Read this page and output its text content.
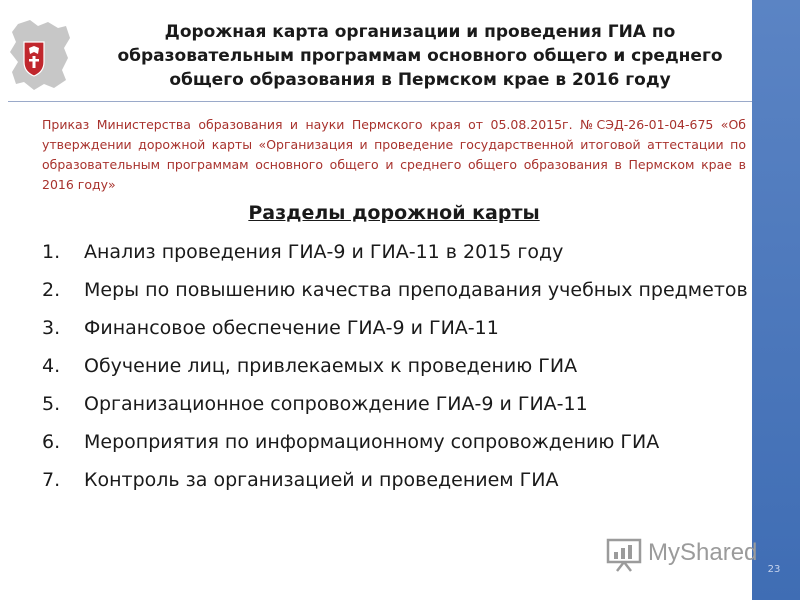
Дорожная карта организации и проведения ГИА по
образовательным программам основного общего и среднего
общего образования в Пермском крае в 2016 году
Приказ Министерства образования и науки Пермского края от 05.08.2015г. №СЭД-26-01-04-675 «Об утверждении дорожной карты «Организация и проведение государственной итоговой аттестации по образовательным программам основного общего и среднего общего образования в Пермском крае в 2016 году»
Разделы дорожной карты
1.	Анализ проведения ГИА-9 и ГИА-11 в 2015 году
2.	Меры по повышению качества преподавания учебных предметов
3.	Финансовое обеспечение ГИА-9 и ГИА-11
4.	Обучение лиц, привлекаемых к проведению ГИА
5.	Организационное сопровождение ГИА-9 и ГИА-11
6.	Мероприятия по информационному сопровождению ГИА
7.	Контроль за организацией и проведением ГИА
MyShared
23
